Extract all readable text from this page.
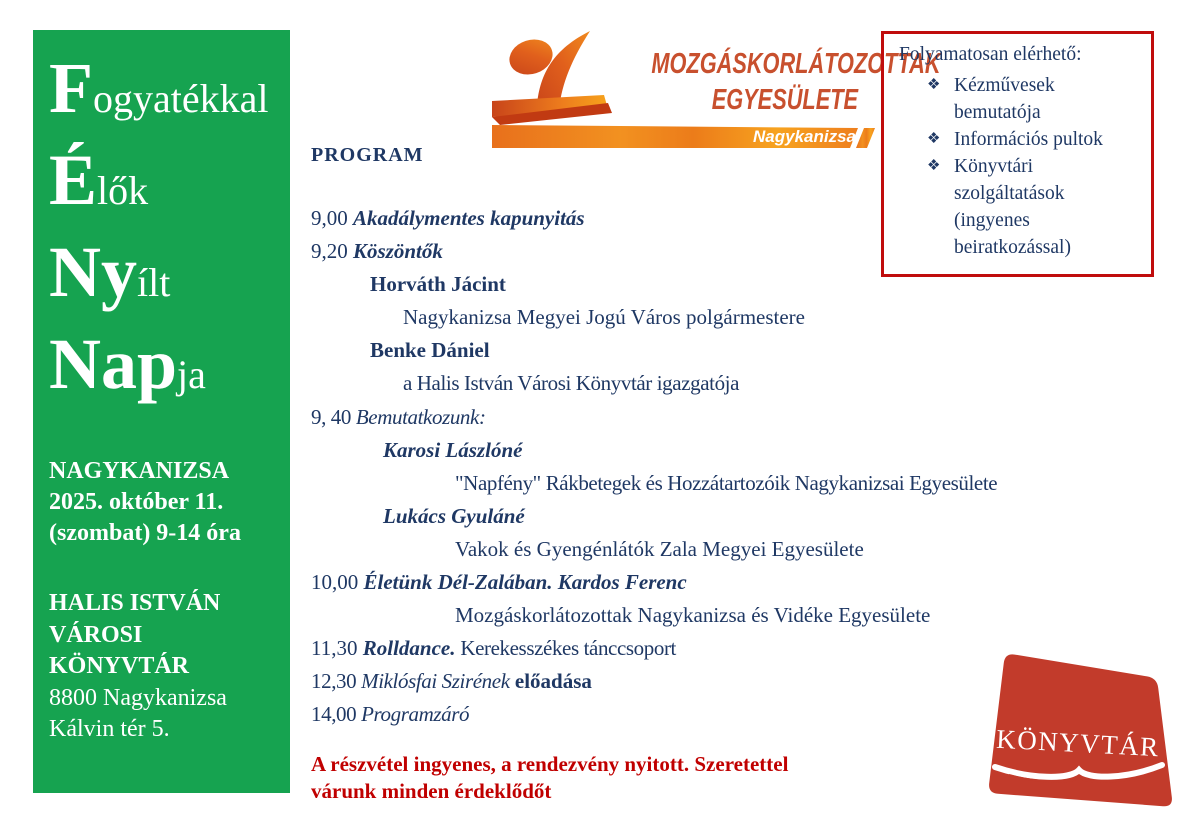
Fogyatékkal
Élők
Nyílt
Napja
NAGYKANIZSA
2025. október 11.
(szombat) 9-14 óra
HALIS ISTVÁN
VÁROSI
KÖNYVTÁR
8800 Nagykanizsa
Kálvin tér 5.
MOZGÁSKORLÁTOZOTTAK
EGYESÜLETE
Nagykanizsa
Folyamatosan elérhető:
❖ Kézművesek
bemutatója
❖ Információs pultok
❖ Könyvtári
szolgáltatások
(ingyenes
beiratkozással)
PROGRAM
9,00 Akadálymentes kapunyitás
9,20 Köszöntők
Horváth Jácint
Nagykanizsa Megyei Jogú Város polgármestere
Benke Dániel
a Halis István Városi Könyvtár igazgatója
9, 40 Bemutatkozunk:
Karosi Lászlóné
"Napfény" Rákbetegek és Hozzátartozóik Nagykanizsai Egyesülete
Lukács Gyuláné
Vakok és Gyengénlátók Zala Megyei Egyesülete
10,00 Életünk Dél-Zalában. Kardos Ferenc
Mozgáskorlátozottak Nagykanizsa és Vidéke Egyesülete
11,30 Rolldance. Kerekesszékes tánccsoport
12,30 Miklósfai Szirének előadása
14,00 Programzáró
A részvétel ingyenes, a rendezvény nyitott. Szeretettel
várunk minden érdeklődőt
KÖNYVTÁR
